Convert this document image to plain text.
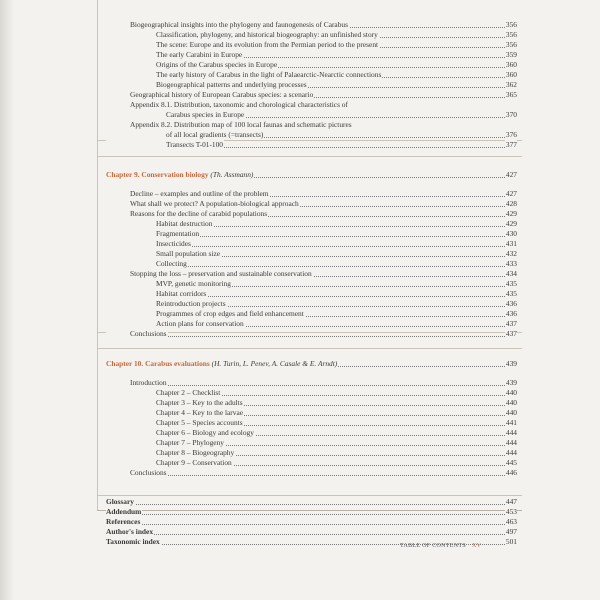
Biogeographical insights into the phylogeny and faunogenesis of Carabus	356
Classification, phylogeny, and historical biogeography: an unfinished story	356
The scene: Europe and its evolution from the Permian period to the present	356
The early Carabini in Europe	359
Origins of the Carabus species in Europe	360
The early history of Carabus in the light of Palaearctic-Nearctic connections	360
Biogeographical patterns and underlying processes	362
Geographical history of European Carabus species: a scenario	365
Appendix 8.1. Distribution, taxonomic and chorological characteristics of
Carabus species in Europe	370
Appendix 8.2. Distribution map of 100 local faunas and schematic pictures
of all local gradients (=transects)	376
Transects T-01-100	377
Chapter 9. Conservation biology (Th. Assmann)	427
Decline – examples and outline of the problem	427
What shall we protect? A population-biological approach	428
Reasons for the decline of carabid populations	429
Habitat destruction	429
Fragmentation	430
Insecticides	431
Small population size	432
Collecting	433
Stopping the loss – preservation and sustainable conservation	434
MVP, genetic monitoring	435
Habitat corridors	435
Reintroduction projects	436
Programmes of crop edges and field enhancement	436
Action plans for conservation	437
Conclusions	437
Chapter 10. Carabus evaluations (H. Turin, L. Penev, A. Casale & E. Arndt)	439
Introduction	439
Chapter 2 – Checklist	440
Chapter 3 – Key to the adults	440
Chapter 4 – Key to the larvae	440
Chapter 5 – Species accounts	441
Chapter 6 – Biology and ecology	444
Chapter 7 – Phylogeny	444
Chapter 8 – Biogeography	444
Chapter 9 – Conservation	445
Conclusions	446
Glossary	447
Addendum	453
References	463
Author's index	497
Taxonomic index	501
TABLE OF CONTENTS XV
